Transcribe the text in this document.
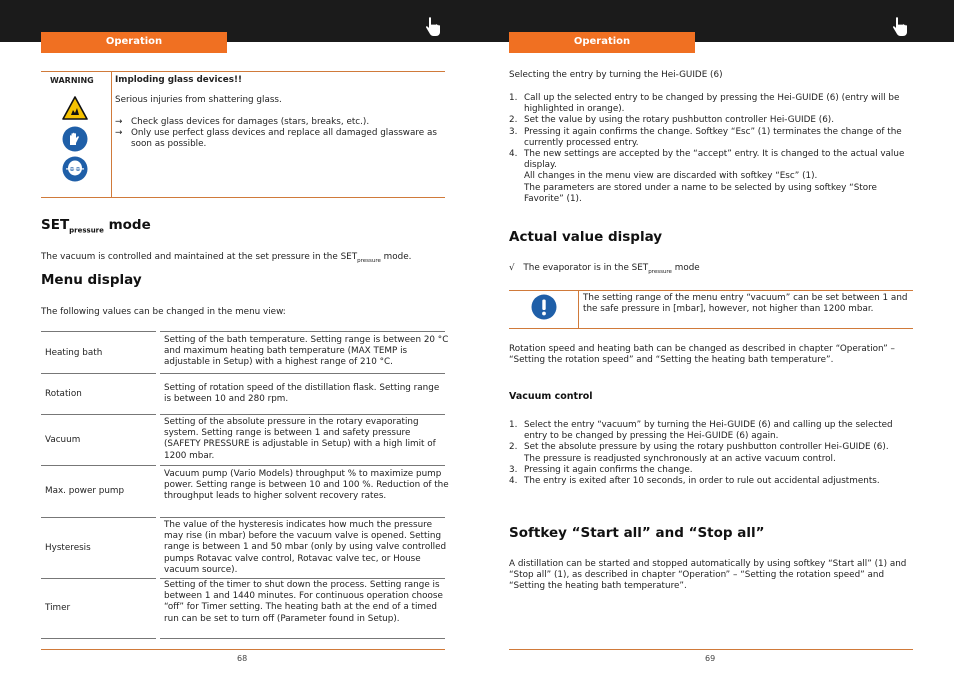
Operation	Operation
WARNING Imploding glass devices!!
Serious injuries from shattering glass.
→ Check glass devices for damages (stars, breaks, etc.).
→ Only use perfect glass devices and replace all damaged glassware as soon as possible.
$SET_{pressure}$ mode
The vacuum is controlled and maintained at the set pressure in the $SET_{pressure}$ mode.
Menu display
The following values can be changed in the menu view:
Heating bath
Setting of the bath temperature. Setting range is between 20 °C and maximum heating bath temperature (MAX TEMP is adjustable in Setup) with a highest range of 210 °C.
Rotation
Setting of rotation speed of the distillation flask. Setting range is between 10 and 280 rpm.
Vacuum
Setting of the absolute pressure in the rotary evaporating system. Setting range is between 1 and safety pressure (SAFETY PRESSURE is adjustable in Setup) with a high limit of 1200 mbar.
Max. power pump
Vacuum pump (Vario Models) throughput % to maximize pump power. Setting range is between 10 and 100 %. Reduction of the throughput leads to higher solvent recovery rates.
Hysteresis
The value of the hysteresis indicates how much the pressure may rise (in mbar) before the vacuum valve is opened. Setting range is between 1 and 50 mbar (only by using valve controlled pumps Rotavac valve control, Rotavac valve tec, or House vacuum source).
Timer
Setting of the timer to shut down the process. Setting range is between 1 and 1440 minutes. For continuous operation choose “off” for Timer setting. The heating bath at the end of a timed run can be set to turn off (Parameter found in Setup).
68
Selecting the entry by turning the Hei-GUIDE (6)
1. Call up the selected entry to be changed by pressing the Hei-GUIDE (6) (entry will be highlighted in orange).
2. Set the value by using the rotary pushbutton controller Hei-GUIDE (6).
3. Pressing it again confirms the change. Softkey “Esc” (1) terminates the change of the currently processed entry.
4. The new settings are accepted by the “accept” entry. It is changed to the actual value display.
All changes in the menu view are discarded with softkey “Esc” (1).
The parameters are stored under a name to be selected by using softkey “Store Favorite” (1).
Actual value display
√ The evaporator is in the $SET_{pressure}$ mode
The setting range of the menu entry “vacuum” can be set between 1 and the safe pressure in [mbar], however, not higher than 1200 mbar.
Rotation speed and heating bath can be changed as described in chapter “Operation” – “Setting the rotation speed” and “Setting the heating bath temperature”.
Vacuum control
1. Select the entry “vacuum” by turning the Hei-GUIDE (6) and calling up the selected entry to be changed by pressing the Hei-GUIDE (6) again.
2. Set the absolute pressure by using the rotary pushbutton controller Hei-GUIDE (6).
The pressure is readjusted synchronously at an active vacuum control.
3. Pressing it again confirms the change.
4. The entry is exited after 10 seconds, in order to rule out accidental adjustments.
Softkey “Start all” and “Stop all”
A distillation can be started and stopped automatically by using softkey “Start all” (1) and “Stop all” (1), as described in chapter “Operation” – “Setting the rotation speed” and “Setting the heating bath temperature”.
69
